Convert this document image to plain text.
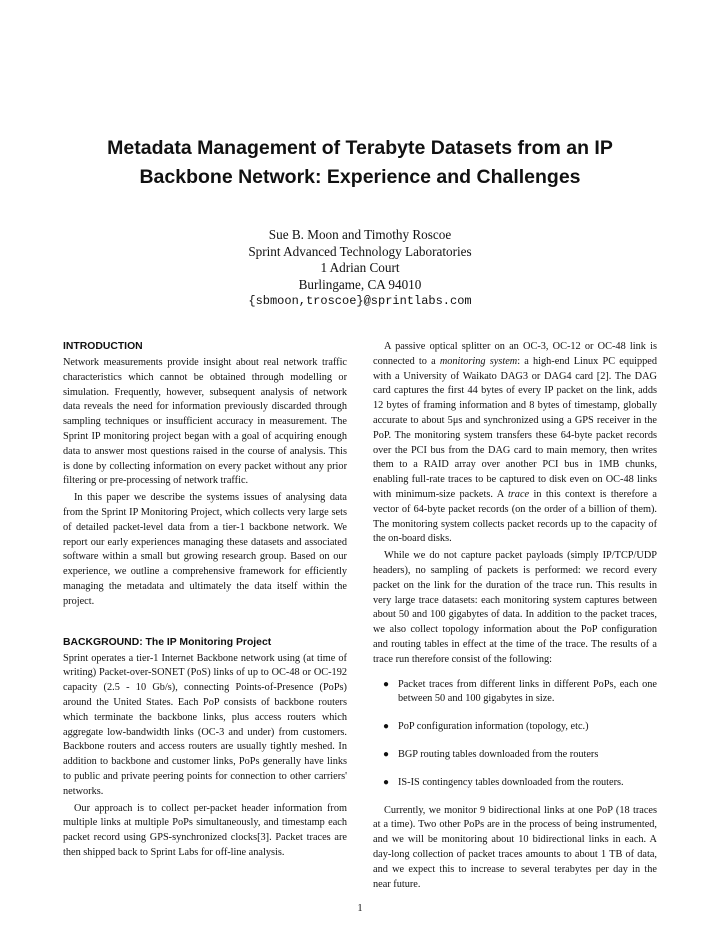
Metadata Management of Terabyte Datasets from an IP
Backbone Network: Experience and Challenges
Sue B. Moon and Timothy Roscoe
Sprint Advanced Technology Laboratories
1 Adrian Court
Burlingame, CA 94010
{sbmoon,troscoe}@sprintlabs.com
INTRODUCTION

Network measurements provide insight about real network traffic characteristics which cannot be obtained through modelling or simulation. Frequently, however, subsequent analysis of network data reveals the need for information previously discarded through sampling techniques or insufficient accuracy in measurement. The Sprint IP monitoring project began with a goal of acquiring enough data to answer most questions raised in the course of analysis. This is done by collecting information on every packet without any prior filtering or pre-processing of network traffic.

In this paper we describe the systems issues of analysing data from the Sprint IP Monitoring Project, which collects very large sets of detailed packet-level data from a tier-1 backbone network. We report our early experiences managing these datasets and associated software within a small but growing research group. Based on our experience, we outline a comprehensive framework for efficiently managing the metadata and ultimately the data itself within the project.

BACKGROUND: The IP Monitoring Project

Sprint operates a tier-1 Internet Backbone network using (at time of writing) Packet-over-SONET (PoS) links of up to OC-48 or OC-192 capacity (2.5 - 10 Gb/s), connecting Points-of-Presence (PoPs) around the United States. Each PoP consists of backbone routers which terminate the backbone links, plus access routers which aggregate low-bandwidth links (OC-3 and under) from customers. Backbone routers and access routers are usually tightly meshed. In addition to backbone and customer links, PoPs generally have links to public and private peering points for connection to other carriers' networks.

Our approach is to collect per-packet header information from multiple links at multiple PoPs simultaneously, and timestamp each packet record using GPS-synchronized clocks[3]. Packet traces are then shipped back to Sprint Labs for off-line analysis.

A passive optical splitter on an OC-3, OC-12 or OC-48 link is connected to a monitoring system: a high-end Linux PC equipped with a University of Waikato DAG3 or DAG4 card [2]. The DAG card captures the first 44 bytes of every IP packet on the link, adds 12 bytes of framing information and 8 bytes of timestamp, globally accurate to about 5μs and synchronized using a GPS receiver in the PoP. The monitoring system transfers these 64-byte packet records over the PCI bus from the DAG card to main memory, then writes them to a RAID array over another PCI bus in 1MB chunks, enabling full-rate traces to be captured to disk even on OC-48 links with minimum-size packets. A trace in this context is therefore a vector of 64-byte packet records (on the order of a billion of them). The monitoring system collects packet records up to the capacity of the on-board disks.

While we do not capture packet payloads (simply IP/TCP/UDP headers), no sampling of packets is performed: we record every packet on the link for the duration of the trace run. This results in very large trace datasets: each monitoring system captures between about 50 and 100 gigabytes of data. In addition to the packet traces, we also collect topology information about the PoP configuration and routing tables in effect at the time of the trace. The results of a trace run therefore consist of the following:

● Packet traces from different links in different PoPs, each one between 50 and 100 gigabytes in size.
● PoP configuration information (topology, etc.)
● BGP routing tables downloaded from the routers
● IS-IS contingency tables downloaded from the routers.

Currently, we monitor 9 bidirectional links at one PoP (18 traces at a time). Two other PoPs are in the process of being instrumented, and we will be monitoring about 10 bidirectional links in each. A day-long collection of packet traces amounts to about 1 TB of data, and we expect this to increase to several terabytes per day in the near future.

1
